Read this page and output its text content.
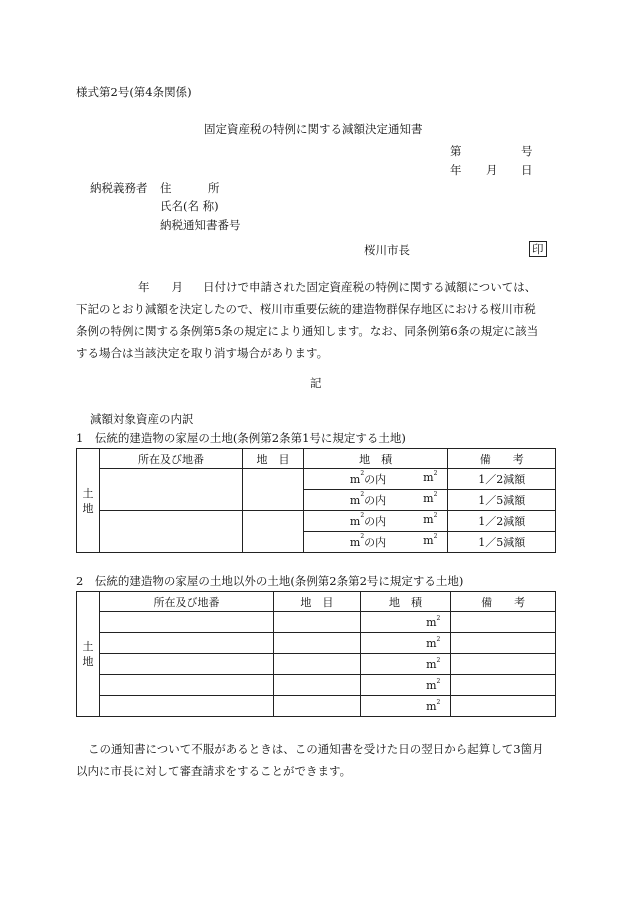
様式第2号(第4条関係)
固定資産税の特例に関する減額決定通知書
第	号
年 月 日
納税義務者 住	所
氏名(名 称)
納税通知書番号
桜川市長	印
年 月 日付けで申請された固定資産税の特例に関する減額については、
下記のとおり減額を決定したので、桜川市重要伝統的建造物群保存地区における桜川市税
条例の特例に関する条例第5条の規定により通知します。なお、同条例第6条の規定に該当
する場合は当該決定を取り消す場合があります。
記
減額対象資産の内訳
1　伝統的建造物の家屋の土地(条例第2条第1号に規定する土地)
土
地	所在及び地番	地　目	地　積	備　　考

			$m^2$の内 $m^2$	1／2減額

			$m^2$の内 $m^2$	1／5減額

			$m^2$の内 $m^2$	1／2減額

			$m^2$の内 $m^2$	1／5減額
2　伝統的建造物の家屋の土地以外の土地(条例第2条第2号に規定する土地)
土
地	所在及び地番	地　目	地　積	備　　考

			$m^2$

			$m^2$

			$m^2$

			$m^2$

			$m^2$

この通知書について不服があるときは、この通知書を受けた日の翌日から起算して3箇月
以内に市長に対して審査請求をすることができます。
